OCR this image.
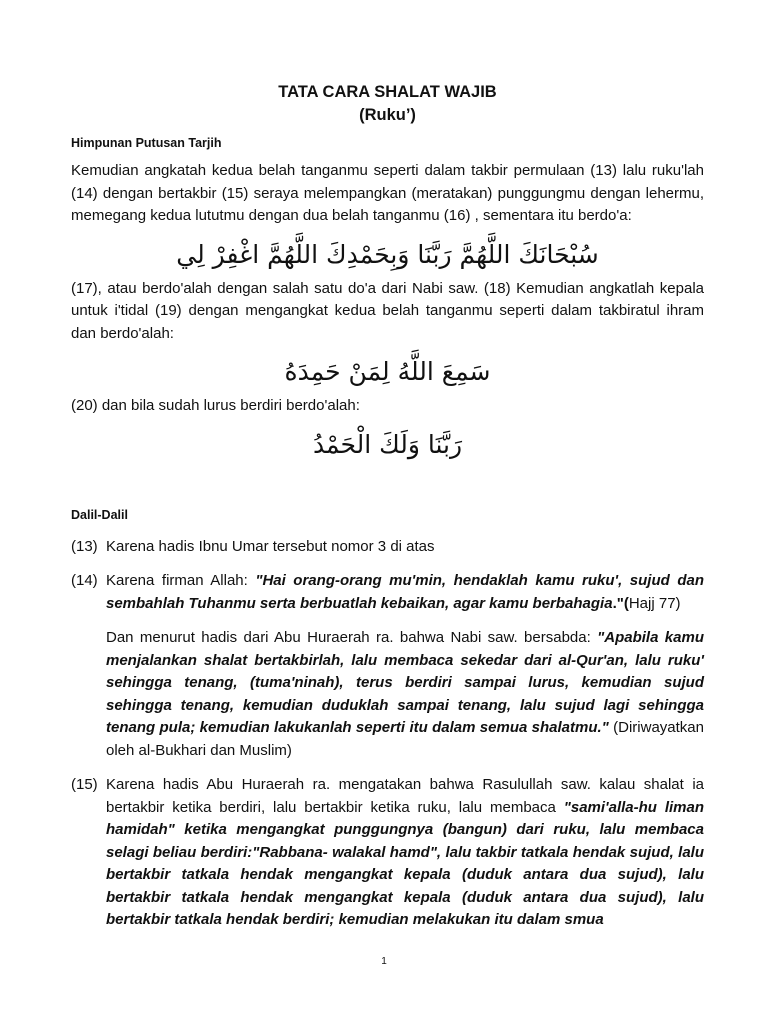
TATA CARA SHALAT WAJIB
(Ruku’)
Himpunan Putusan Tarjih
Kemudian angkatah kedua belah tanganmu seperti dalam takbir permulaan (13) lalu ruku'lah (14) dengan bertakbir (15) seraya melempangkan (meratakan) punggungmu dengan lehermu, memegang kedua lututmu dengan dua belah tanganmu (16) , sementara itu berdo'a:
سُبْحَانَكَ اللَّهُمَّ رَبَّنَا وَبِحَمْدِكَ اللَّهُمَّ اغْفِرْ لِي
(17), atau berdo'alah dengan salah satu do'a dari Nabi saw. (18) Kemudian angkatlah kepala untuk i'tidal (19) dengan mengangkat kedua belah tanganmu seperti dalam takbiratul ihram dan berdo'alah:
سَمِعَ اللَّهُ لِمَنْ حَمِدَهُ
(20) dan bila sudah lurus berdiri berdo'alah:
رَبَّنَا وَلَكَ الْحَمْدُ
Dalil-Dalil
(13) Karena hadis Ibnu Umar tersebut nomor 3 di atas
(14) Karena firman Allah: "Hai orang-orang mu'min, hendaklah kamu ruku', sujud dan sembahlah Tuhanmu serta berbuatlah kebaikan, agar kamu berbahagia."(Hajj 77)
Dan menurut hadis dari Abu Huraerah ra. bahwa Nabi saw. bersabda: "Apabila kamu menjalankan shalat bertakbirlah, lalu membaca sekedar dari al-Qur'an, lalu ruku' sehingga tenang, (tuma'ninah), terus berdiri sampai lurus, kemudian sujud sehingga tenang, kemudian duduklah sampai tenang, lalu sujud lagi sehingga tenang pula; kemudian lakukanlah seperti itu dalam semua shalatmu." (Diriwayatkan oleh al-Bukhari dan Muslim)
(15) Karena hadis Abu Huraerah ra. mengatakan bahwa Rasulullah saw. kalau shalat ia bertakbir ketika berdiri, lalu bertakbir ketika ruku, lalu membaca "sami'alla-hu liman hamidah" ketika mengangkat punggungnya (bangun) dari ruku, lalu membaca selagi beliau berdiri:"Rabbana- walakal hamd", lalu takbir tatkala hendak sujud, lalu bertakbir tatkala hendak mengangkat kepala (duduk antara dua sujud), lalu bertakbir tatkala hendak mengangkat kepala (duduk antara dua sujud), lalu bertakbir tatkala hendak berdiri; kemudian melakukan itu dalam smua
1
